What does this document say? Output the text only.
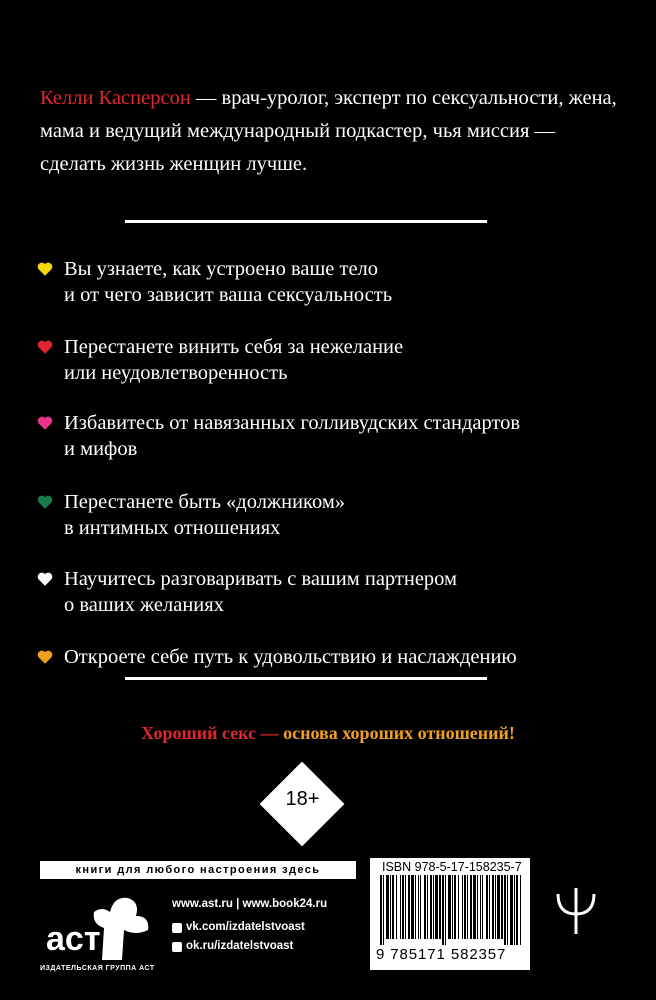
Келли Касперсон — врач-уролог, эксперт по сексуальности, жена, мама и ведущий международный подкастер, чья миссия — сделать жизнь женщин лучше.
Вы узнаете, как устроено ваше тело
и от чего зависит ваша сексуальность
Перестанете винить себя за нежелание
или неудовлетворенность
Избавитесь от навязанных голливудских стандартов
и мифов
Перестанете быть «должником»
в интимных отношениях
Научитесь разговаривать с вашим партнером
о ваших желаниях
Откроете себе путь к удовольствию и наслаждению
Хороший секс — основа хороших отношений!
18+
книги для любого настроения здесь
аст
ИЗДАТЕЛЬСКАЯ ГРУППА АСТ
www.ast.ru | www.book24.ru
vk.com/izdatelstvoast
ok.ru/izdatelstvoast
ISBN 978-5-17-158235-7
9 785171 582357
